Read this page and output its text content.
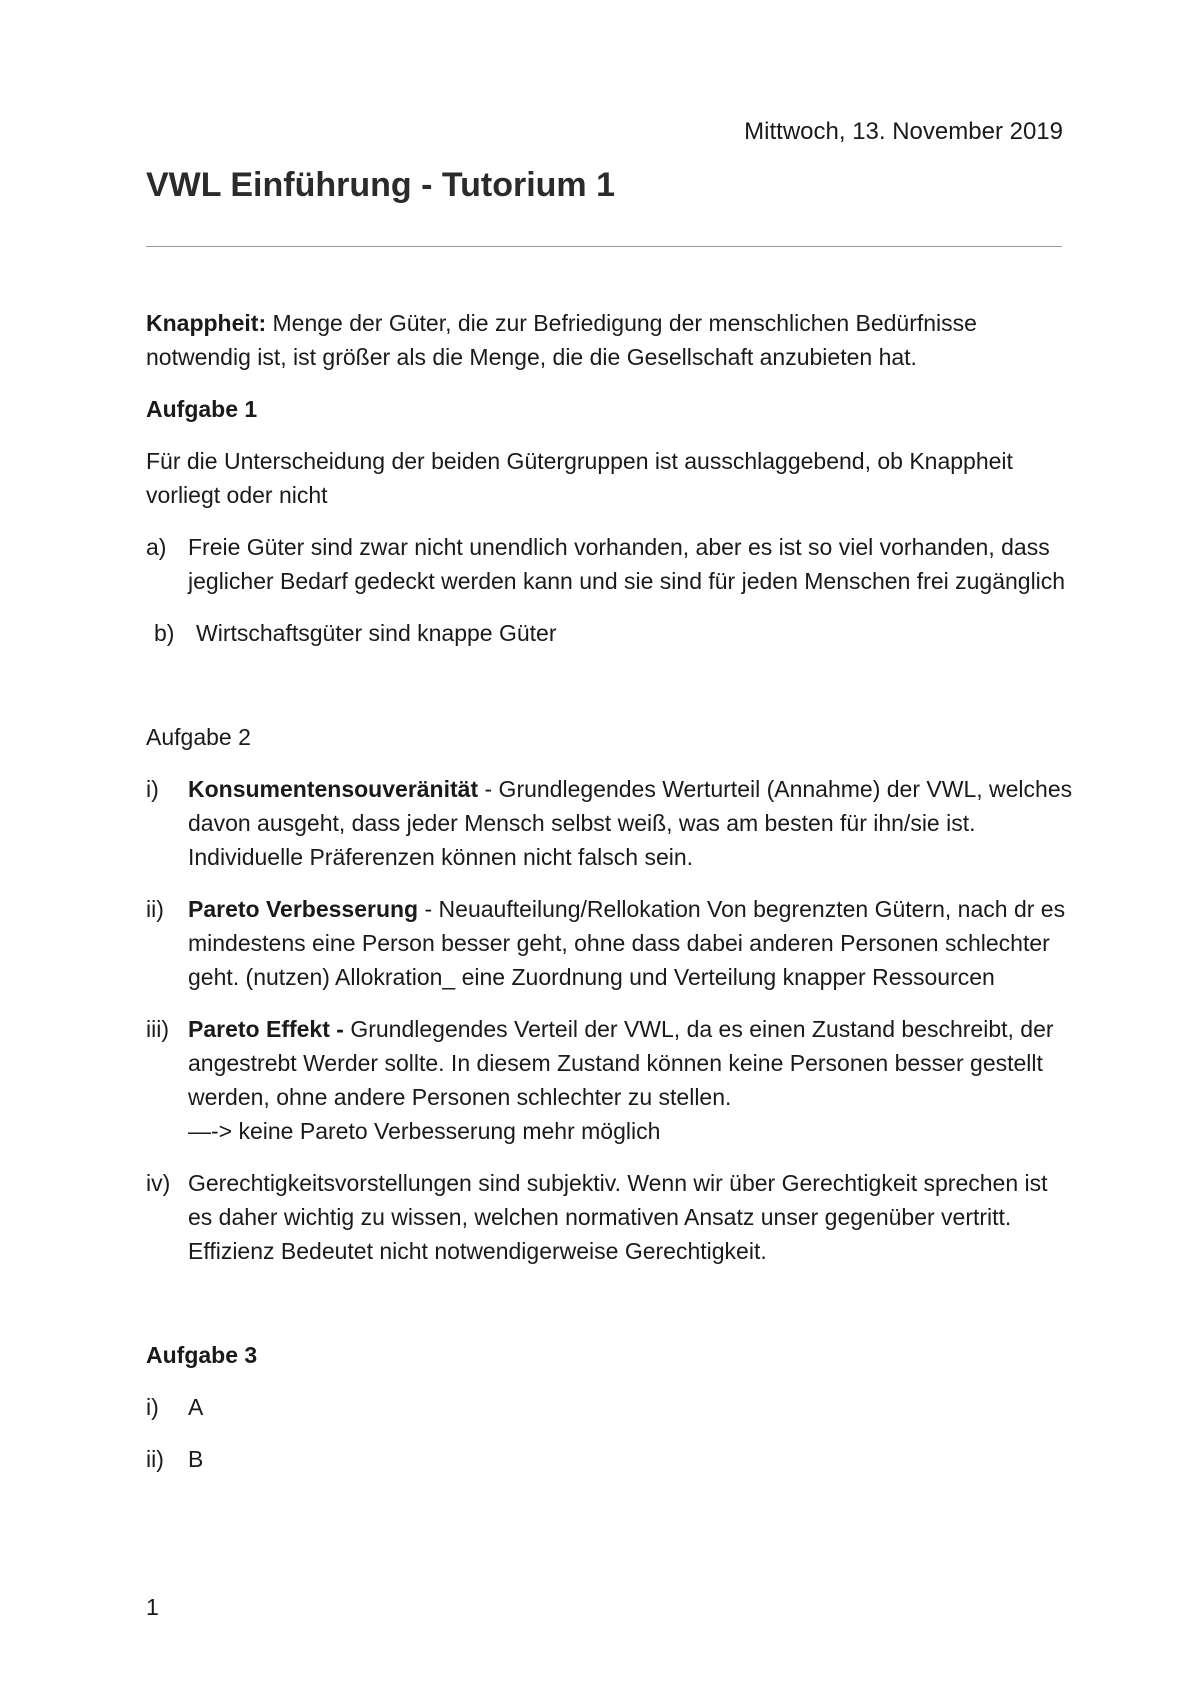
Mittwoch, 13. November 2019
VWL Einführung - Tutorium 1

Knappheit: Menge der Güter, die zur Befriedigung der menschlichen Bedürfnisse notwendig ist, ist größer als die Menge, die die Gesellschaft anzubieten hat.

Aufgabe 1

Für die Unterscheidung der beiden Gütergruppen ist ausschlaggebend, ob Knappheit vorliegt oder nicht

a) Freie Güter sind zwar nicht unendlich vorhanden, aber es ist so viel vorhanden, dass jeglicher Bedarf gedeckt werden kann und sie sind für jeden Menschen frei zugänglich
b) Wirtschaftsgüter sind knappe Güter

Aufgabe 2

i)	Konsumentensouveränität - Grundlegendes Werturteil (Annahme) der VWL, welches davon ausgeht, dass jeder Mensch selbst weiß, was am besten für ihn/sie ist. Individuelle Präferenzen können nicht falsch sein.
ii)	Pareto Verbesserung - Neuaufteilung/Rellokation Von begrenzten Gütern, nach dr es mindestens eine Person besser geht, ohne dass dabei anderen Personen schlechter geht. (nutzen) Allokration_ eine Zuordnung und Verteilung knapper Ressourcen
iii) Pareto Effekt - Grundlegendes Verteil der VWL, da es einen Zustand beschreibt, der angestrebt Werder sollte. In diesem Zustand können keine Personen besser gestellt werden, ohne andere Personen schlechter zu stellen.
—-> keine Pareto Verbesserung mehr möglich
iv) Gerechtigkeitsvorstellungen sind subjektiv. Wenn wir über Gerechtigkeit sprechen ist es daher wichtig zu wissen, welchen normativen Ansatz unser gegenüber vertritt. Effizienz Bedeutet nicht notwendigerweise Gerechtigkeit.

Aufgabe 3

i)	A
ii)	B
1
